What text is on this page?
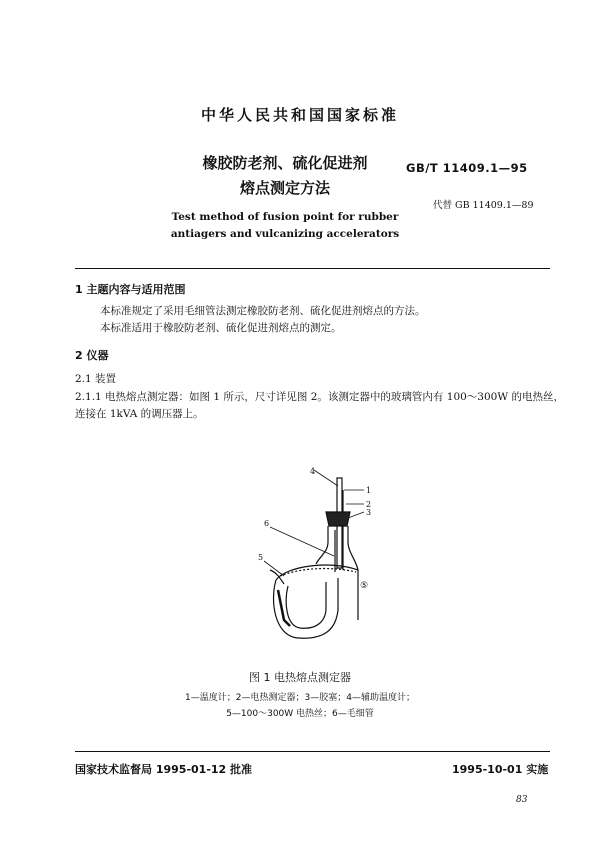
中华人民共和国国家标准
橡胶防老剂、硫化促进剂
熔点测定方法
GB/T 11409.1—95
代替 GB 11409.1—89
Test method of fusion point for rubber
antiagers and vulcanizing accelerators
1 主题内容与适用范围
本标准规定了采用毛细管法测定橡胶防老剂、硫化促进剂熔点的方法。
本标准适用于橡胶防老剂、硫化促进剂熔点的测定。
2 仪器
2.1 装置
2.1.1 电热熔点测定器：如图 1 所示，尺寸详见图 2。该测定器中的玻璃管内有 100～300W 的电热丝，
连接在 1kVA 的调压器上。
4
1
2
3
6
5
⑤
图 1 电热熔点测定器
1—温度计；2—电热测定器；3—胶塞；4—辅助温度计；
5—100～300W 电热丝；6—毛细管
国家技术监督局 1995-01-12 批准	1995-10-01 实施
83
